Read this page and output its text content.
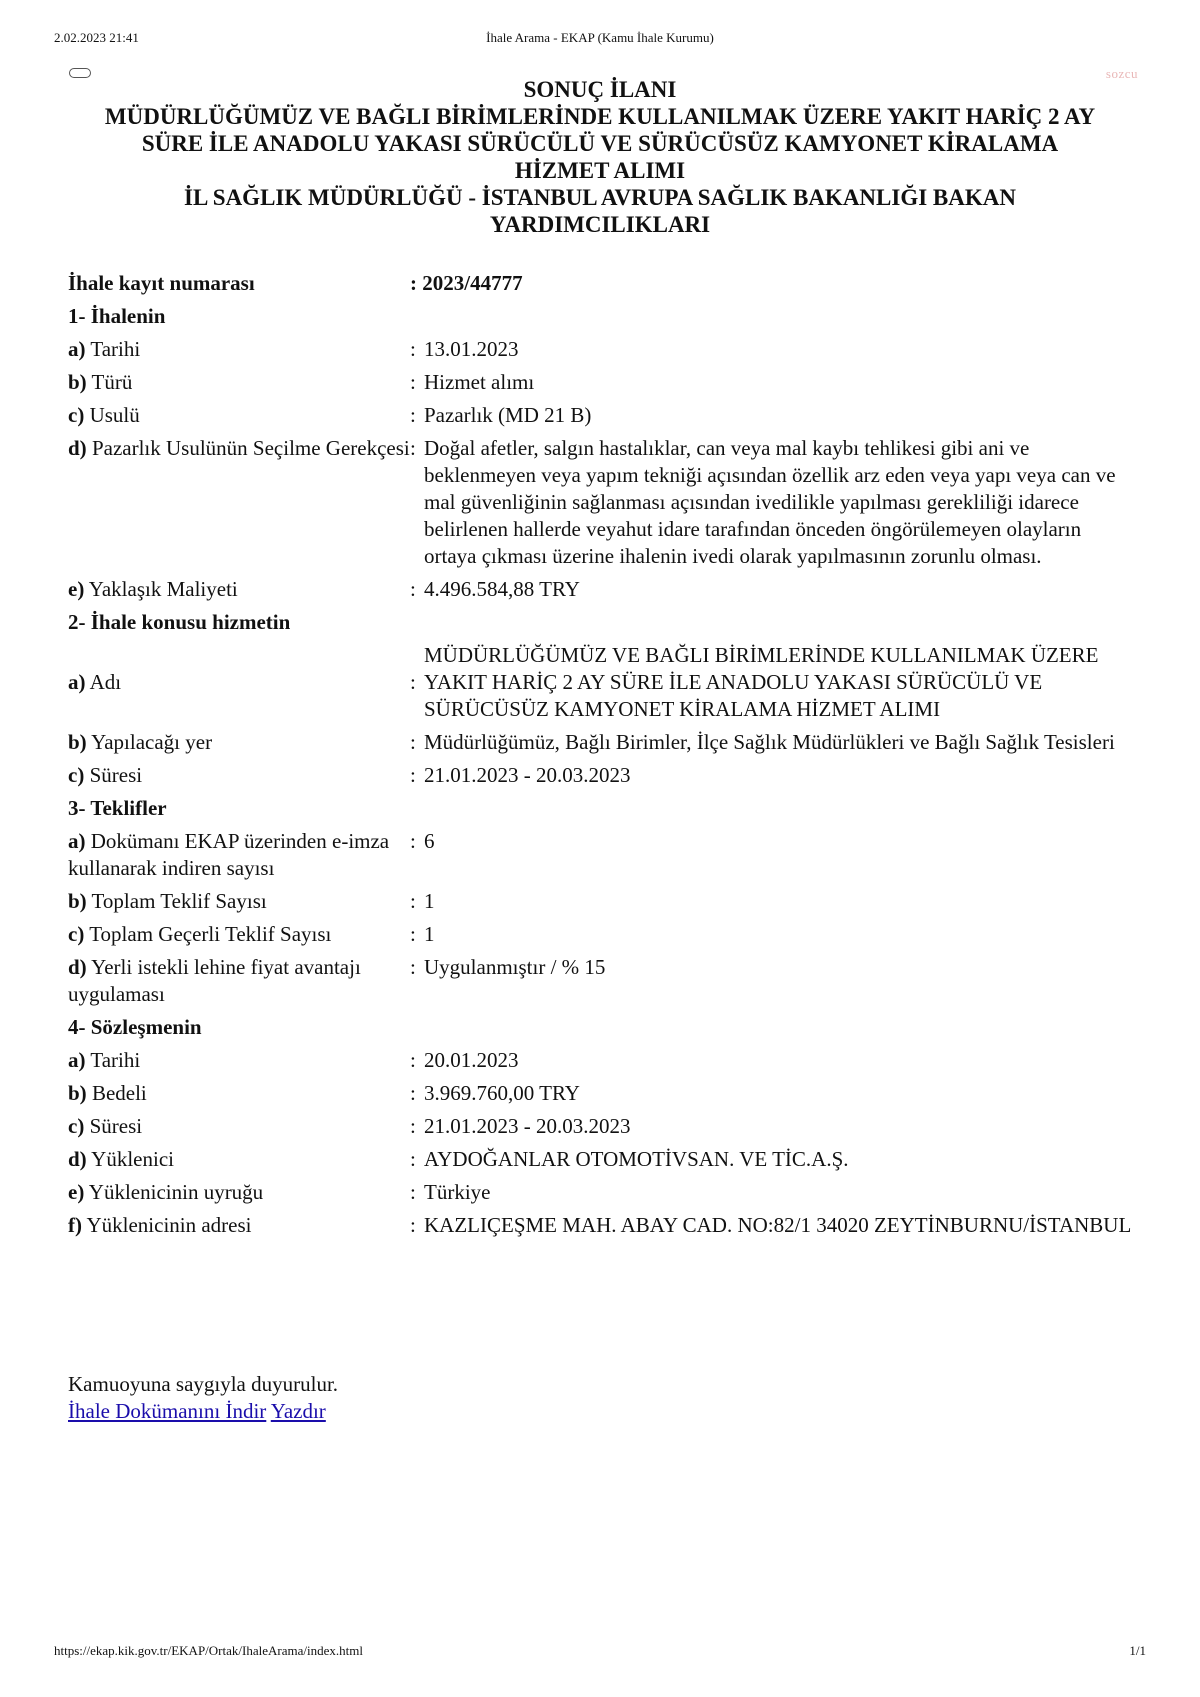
2.02.2023 21:41	İhale Arama - EKAP (Kamu İhale Kurumu)
sozcu
SONUÇ İLANI

MÜDÜRLÜĞÜMÜZ VE BAĞLI BİRİMLERİNDE KULLANILMAK ÜZERE YAKIT HARİÇ 2 AY SÜRE İLE ANADOLU YAKASI SÜRÜCÜLÜ VE SÜRÜCÜSÜZ KAMYONET KİRALAMA HİZMET ALIMI
İL SAĞLIK MÜDÜRLÜĞÜ - İSTANBUL AVRUPA SAĞLIK BAKANLIĞI BAKAN YARDIMCILIKLARI
İhale kayıt numarası	: 2023/44777	
1- İhalenin		
a) Tarihi	:	13.01.2023
b) Türü	:	Hizmet alımı
c) Usulü	:	Pazarlık (MD 21 B)
d) Pazarlık Usulünün Seçilme Gerekçesi	:	Doğal afetler, salgın hastalıklar, can veya mal kaybı tehlikesi gibi ani ve beklenmeyen veya yapım tekniği açısından özellik arz eden veya yapı veya can ve mal güvenliğinin sağlanması açısından ivedilikle yapılması gerekliliği idarece belirlenen hallerde veyahut idare tarafından önceden öngörülemeyen olayların ortaya çıkması üzerine ihalenin ivedi olarak yapılmasının zorunlu olması.
e) Yaklaşık Maliyeti	:	4.496.584,88 TRY
2- İhale konusu hizmetin		
a) Adı	:	MÜDÜRLÜĞÜMÜZ VE BAĞLI BİRİMLERİNDE KULLANILMAK ÜZERE YAKIT HARİÇ 2 AY SÜRE İLE ANADOLU YAKASI SÜRÜCÜLÜ VE SÜRÜCÜSÜZ KAMYONET KİRALAMA HİZMET ALIMI
b) Yapılacağı yer	:	Müdürlüğümüz, Bağlı Birimler, İlçe Sağlık Müdürlükleri ve Bağlı Sağlık Tesisleri
c) Süresi	:	21.01.2023 - 20.03.2023
3- Teklifler		
a) Dokümanı EKAP üzerinden e-imza kullanarak indiren sayısı	:	6
b) Toplam Teklif Sayısı	:	1
c) Toplam Geçerli Teklif Sayısı	:	1
d) Yerli istekli lehine fiyat avantajı uygulaması	:	Uygulanmıştır / % 15
4- Sözleşmenin		
a) Tarihi	:	20.01.2023
b) Bedeli	:	3.969.760,00 TRY
c) Süresi	:	21.01.2023 - 20.03.2023
d) Yüklenici	:	AYDOĞANLAR OTOMOTİVSAN. VE TİC.A.Ş.
e) Yüklenicinin uyruğu	:	Türkiye
f) Yüklenicinin adresi	:	KAZLIÇEŞME MAH. ABAY CAD. NO:82/1 34020 ZEYTİNBURNU/İSTANBUL
Kamuoyuna saygıyla duyurulur.
İhale Dokümanını İndir Yazdır
https://ekap.kik.gov.tr/EKAP/Ortak/IhaleArama/index.html	1/1
